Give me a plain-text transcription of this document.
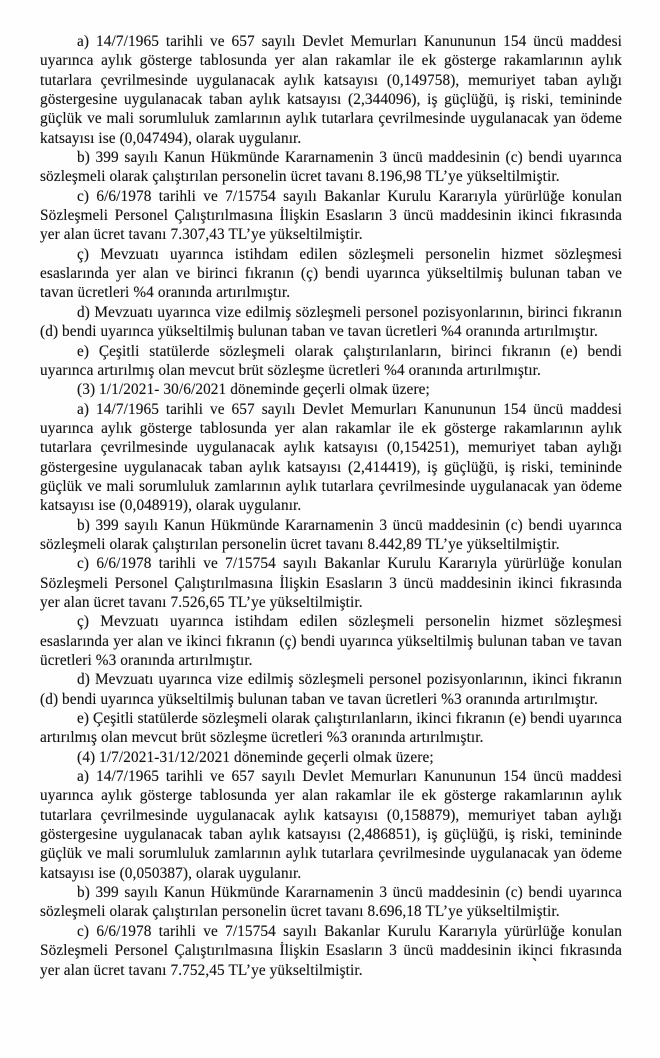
a) 14/7/1965 tarihli ve 657 sayılı Devlet Memurları Kanununun 154 üncü maddesi uyarınca aylık gösterge tablosunda yer alan rakamlar ile ek gösterge rakamlarının aylık tutarlara çevrilmesinde uygulanacak aylık katsayısı (0,149758), memuriyet taban aylığı göstergesine uygulanacak taban aylık katsayısı (2,344096), iş güçlüğü, iş riski, temininde güçlük ve mali sorumluluk zamlarının aylık tutarlara çevrilmesinde uygulanacak yan ödeme katsayısı ise (0,047494), olarak uygulanır.

b) 399 sayılı Kanun Hükmünde Kararnamenin 3 üncü maddesinin (c) bendi uyarınca sözleşmeli olarak çalıştırılan personelin ücret tavanı 8.196,98 TL’ye yükseltilmiştir.

c) 6/6/1978 tarihli ve 7/15754 sayılı Bakanlar Kurulu Kararıyla yürürlüğe konulan Sözleşmeli Personel Çalıştırılmasına İlişkin Esasların 3 üncü maddesinin ikinci fıkrasında yer alan ücret tavanı 7.307,43 TL’ye yükseltilmiştir.

ç) Mevzuatı uyarınca istihdam edilen sözleşmeli personelin hizmet sözleşmesi esaslarında yer alan ve birinci fıkranın (ç) bendi uyarınca yükseltilmiş bulunan taban ve tavan ücretleri %4 oranında artırılmıştır.

d) Mevzuatı uyarınca vize edilmiş sözleşmeli personel pozisyonlarının, birinci fıkranın (d) bendi uyarınca yükseltilmiş bulunan taban ve tavan ücretleri %4 oranında artırılmıştır.

e) Çeşitli statülerde sözleşmeli olarak çalıştırılanların, birinci fıkranın (e) bendi uyarınca artırılmış olan mevcut brüt sözleşme ücretleri %4 oranında artırılmıştır.

(3) 1/1/2021- 30/6/2021 döneminde geçerli olmak üzere;

a) 14/7/1965 tarihli ve 657 sayılı Devlet Memurları Kanununun 154 üncü maddesi uyarınca aylık gösterge tablosunda yer alan rakamlar ile ek gösterge rakamlarının aylık tutarlara çevrilmesinde uygulanacak aylık katsayısı (0,154251), memuriyet taban aylığı göstergesine uygulanacak taban aylık katsayısı (2,414419), iş güçlüğü, iş riski, temininde güçlük ve mali sorumluluk zamlarının aylık tutarlara çevrilmesinde uygulanacak yan ödeme katsayısı ise (0,048919), olarak uygulanır.

b) 399 sayılı Kanun Hükmünde Kararnamenin 3 üncü maddesinin (c) bendi uyarınca sözleşmeli olarak çalıştırılan personelin ücret tavanı 8.442,89 TL’ye yükseltilmiştir.

c) 6/6/1978 tarihli ve 7/15754 sayılı Bakanlar Kurulu Kararıyla yürürlüğe konulan Sözleşmeli Personel Çalıştırılmasına İlişkin Esasların 3 üncü maddesinin ikinci fıkrasında yer alan ücret tavanı 7.526,65 TL’ye yükseltilmiştir.

ç) Mevzuatı uyarınca istihdam edilen sözleşmeli personelin hizmet sözleşmesi esaslarında yer alan ve ikinci fıkranın (ç) bendi uyarınca yükseltilmiş bulunan taban ve tavan ücretleri %3 oranında artırılmıştır.

d) Mevzuatı uyarınca vize edilmiş sözleşmeli personel pozisyonlarının, ikinci fıkranın (d) bendi uyarınca yükseltilmiş bulunan taban ve tavan ücretleri %3 oranında artırılmıştır.

e) Çeşitli statülerde sözleşmeli olarak çalıştırılanların, ikinci fıkranın (e) bendi uyarınca artırılmış olan mevcut brüt sözleşme ücretleri %3 oranında artırılmıştır.

(4) 1/7/2021-31/12/2021 döneminde geçerli olmak üzere;

a) 14/7/1965 tarihli ve 657 sayılı Devlet Memurları Kanununun 154 üncü maddesi uyarınca aylık gösterge tablosunda yer alan rakamlar ile ek gösterge rakamlarının aylık tutarlara çevrilmesinde uygulanacak aylık katsayısı (0,158879), memuriyet taban aylığı göstergesine uygulanacak taban aylık katsayısı (2,486851), iş güçlüğü, iş riski, temininde güçlük ve mali sorumluluk zamlarının aylık tutarlara çevrilmesinde uygulanacak yan ödeme katsayısı ise (0,050387), olarak uygulanır.

b) 399 sayılı Kanun Hükmünde Kararnamenin 3 üncü maddesinin (c) bendi uyarınca sözleşmeli olarak çalıştırılan personelin ücret tavanı 8.696,18 TL’ye yükseltilmiştir.

c) 6/6/1978 tarihli ve 7/15754 sayılı Bakanlar Kurulu Kararıyla yürürlüğe konulan Sözleşmeli Personel Çalıştırılmasına İlişkin Esasların 3 üncü maddesinin ikinci fıkrasında yer alan ücret tavanı 7.752,45 TL’ye yükseltilmiştir.	`
